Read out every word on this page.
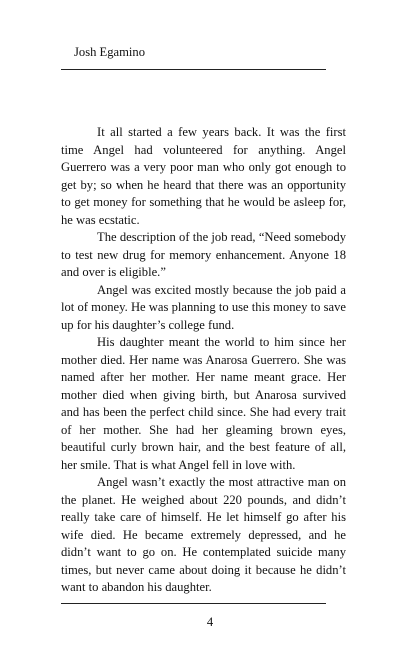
Josh Egamino

It all started a few years back. It was the first time Angel had volunteered for anything. Angel Guerrero was a very poor man who only got enough to get by; so when he heard that there was an opportunity to get money for something that he would be asleep for, he was ecstatic.

The description of the job read, “Need somebody to test new drug for memory enhancement. Anyone 18 and over is eligible.”

Angel was excited mostly because the job paid a lot of money. He was planning to use this money to save up for his daughter’s college fund.

His daughter meant the world to him since her mother died. Her name was Anarosa Guerrero. She was named after her mother. Her name meant grace. Her mother died when giving birth, but Anarosa survived and has been the perfect child since. She had every trait of her mother. She had her gleaming brown eyes, beautiful curly brown hair, and the best feature of all, her smile. That is what Angel fell in love with.

Angel wasn’t exactly the most attractive man on the planet. He weighed about 220 pounds, and didn’t really take care of himself. He let himself go after his wife died. He became extremely depressed, and he didn’t want to go on. He contemplated suicide many times, but never came about doing it because he didn’t want to abandon his daughter.

4
